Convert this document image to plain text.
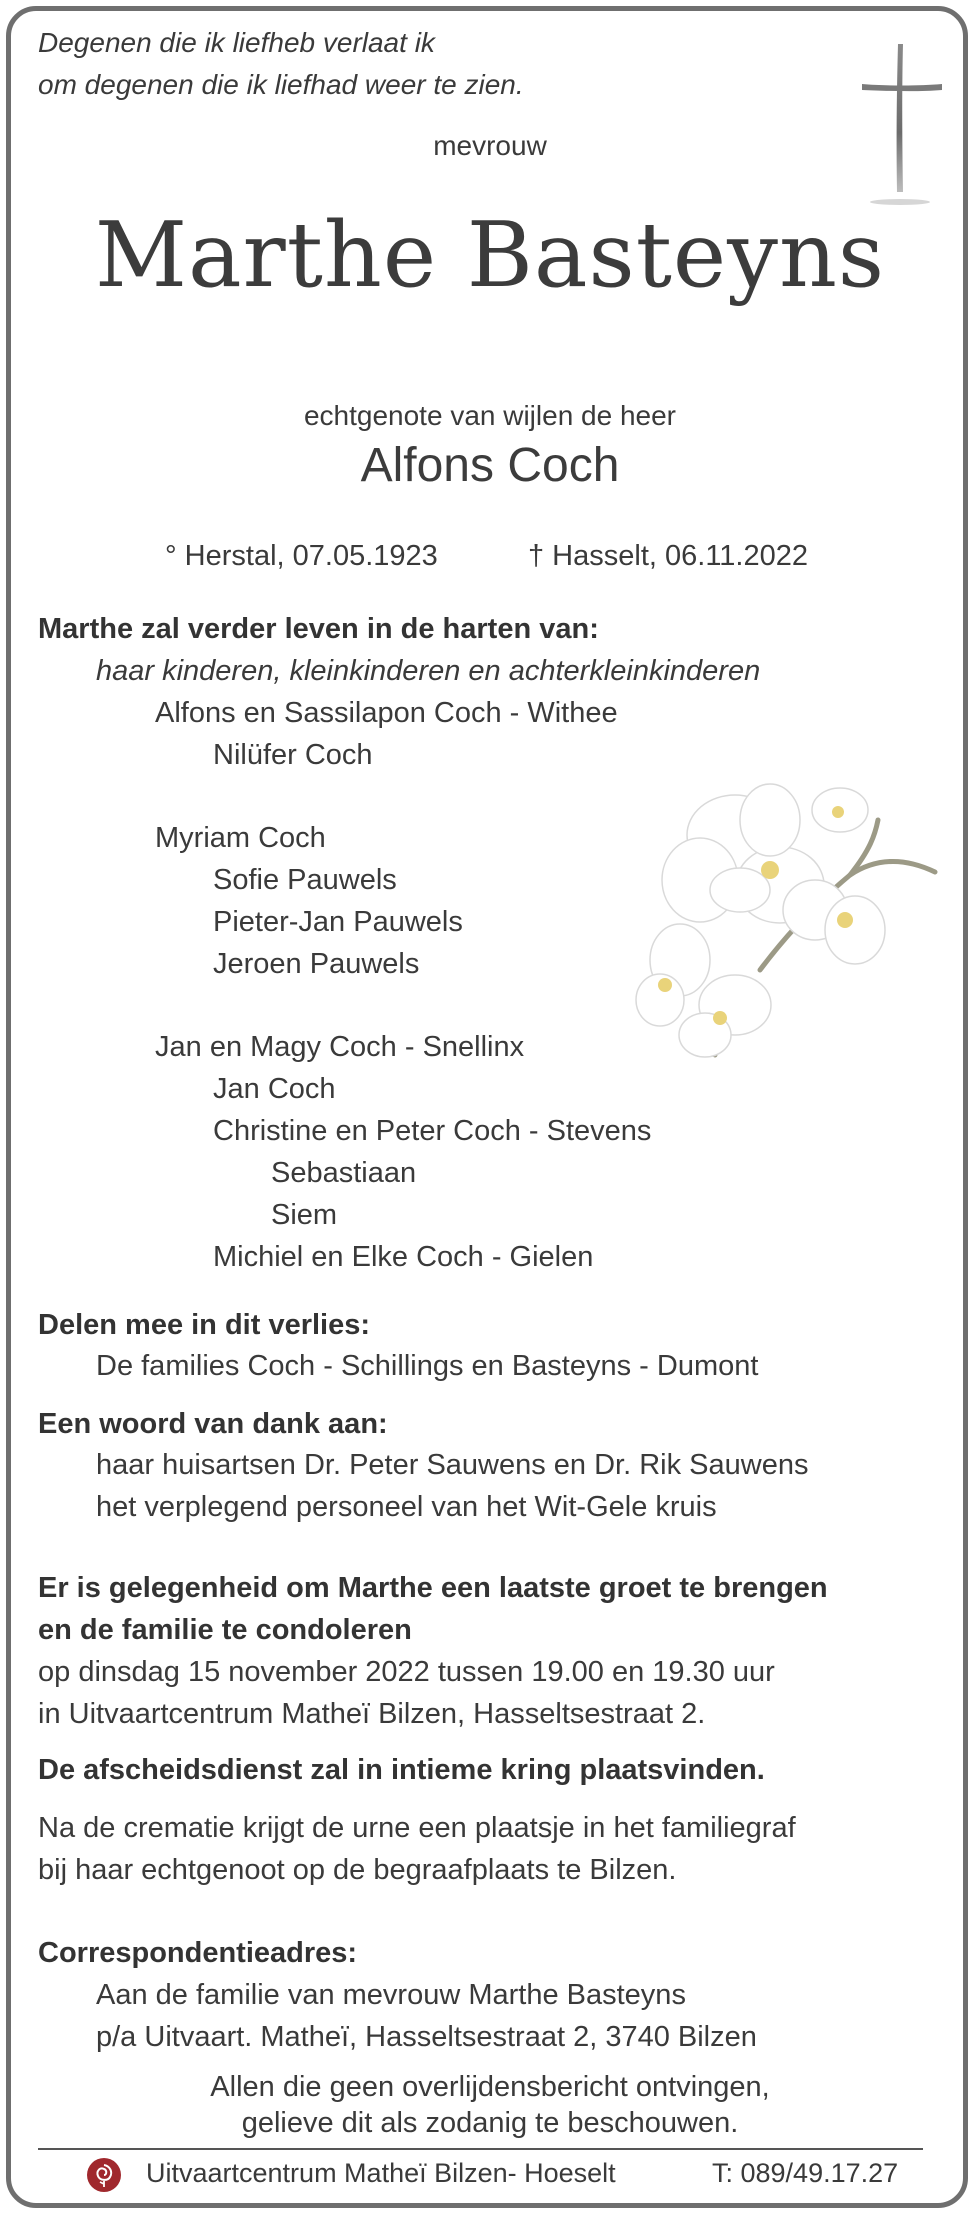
Degenen die ik liefheb verlaat ik
om degenen die ik liefhad weer te zien.
mevrouw
Marthe Basteyns
echtgenote van wijlen de heer
Alfons Coch
° Herstal, 07.05.1923	† Hasselt, 06.11.2022
Marthe zal verder leven in de harten van:
haar kinderen, kleinkinderen en achterkleinkinderen
Alfons en Sassilapon Coch - Withee
Nilüfer Coch
Myriam Coch
Sofie Pauwels
Pieter-Jan Pauwels
Jeroen Pauwels
Jan en Magy Coch - Snellinx
Jan Coch
Christine en Peter Coch - Stevens
Sebastiaan
Siem
Michiel en Elke Coch - Gielen
Delen mee in dit verlies:
De families Coch - Schillings en Basteyns - Dumont
Een woord van dank aan:
haar huisartsen Dr. Peter Sauwens en Dr. Rik Sauwens
het verplegend personeel van het Wit-Gele kruis
Er is gelegenheid om Marthe een laatste groet te brengen
en de familie te condoleren
op dinsdag 15 november 2022 tussen 19.00 en 19.30 uur
in Uitvaartcentrum Matheï Bilzen, Hasseltsestraat 2.
De afscheidsdienst zal in intieme kring plaatsvinden.
Na de crematie krijgt de urne een plaatsje in het familiegraf
bij haar echtgenoot op de begraafplaats te Bilzen.
Correspondentieadres:
Aan de familie van mevrouw Marthe Basteyns
p/a Uitvaart. Matheï, Hasseltsestraat 2, 3740 Bilzen
Allen die geen overlijdensbericht ontvingen,
gelieve dit als zodanig te beschouwen.
Uitvaartcentrum Matheï Bilzen- Hoeselt	T: 089/49.17.27
